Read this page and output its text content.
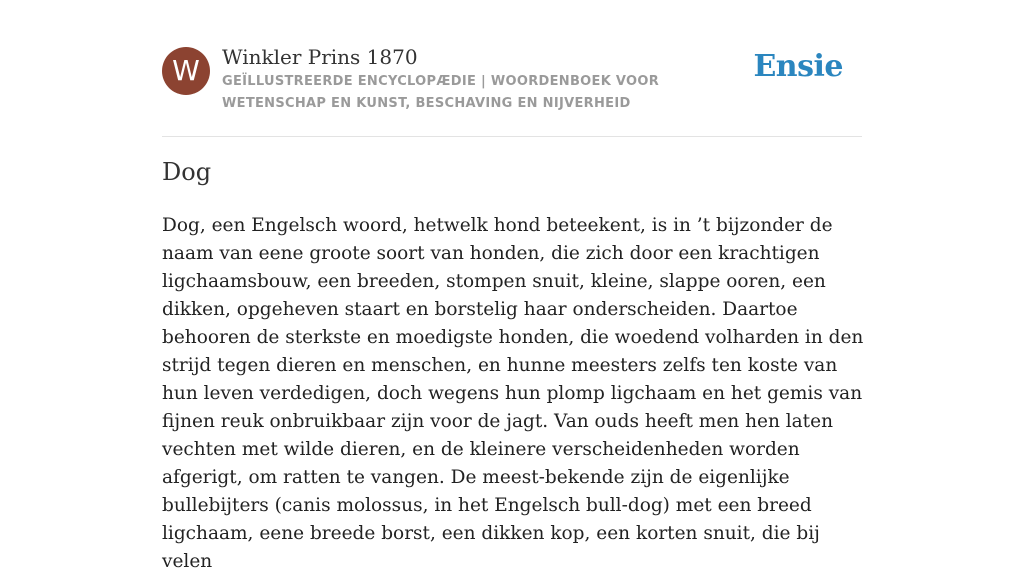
W	Winkler Prins 1870
GEÏLLUSTREERDE ENCYCLOPÆDIE | WOORDENBOEK VOOR WETENSCHAP EN KUNST, BESCHAVING EN NIJVERHEID
Ensie
Dog

Dog, een Engelsch woord, hetwelk hond beteekent, is in ’t bijzonder de naam van eene groote soort van honden, die zich door een krachtigen ligchaamsbouw, een breeden, stompen snuit, kleine, slappe ooren, een dikken, opgeheven staart en borstelig haar onderscheiden. Daartoe behooren de sterkste en moedigste honden, die woedend volharden in den strijd tegen dieren en menschen, en hunne meesters zelfs ten koste van hun leven verdedigen, doch wegens hun plomp ligchaam en het gemis van fijnen reuk onbruikbaar zijn voor de jagt. Van ouds heeft men hen laten vechten met wilde dieren, en de kleinere verscheidenheden worden afgerigt, om ratten te vangen. De meest-bekende zijn de eigenlijke bullebijters (canis molossus, in het Engelsch bull-dog) met een breed ligchaam, eene breede borst, een dikken kop, een korten snuit, die bij velen
